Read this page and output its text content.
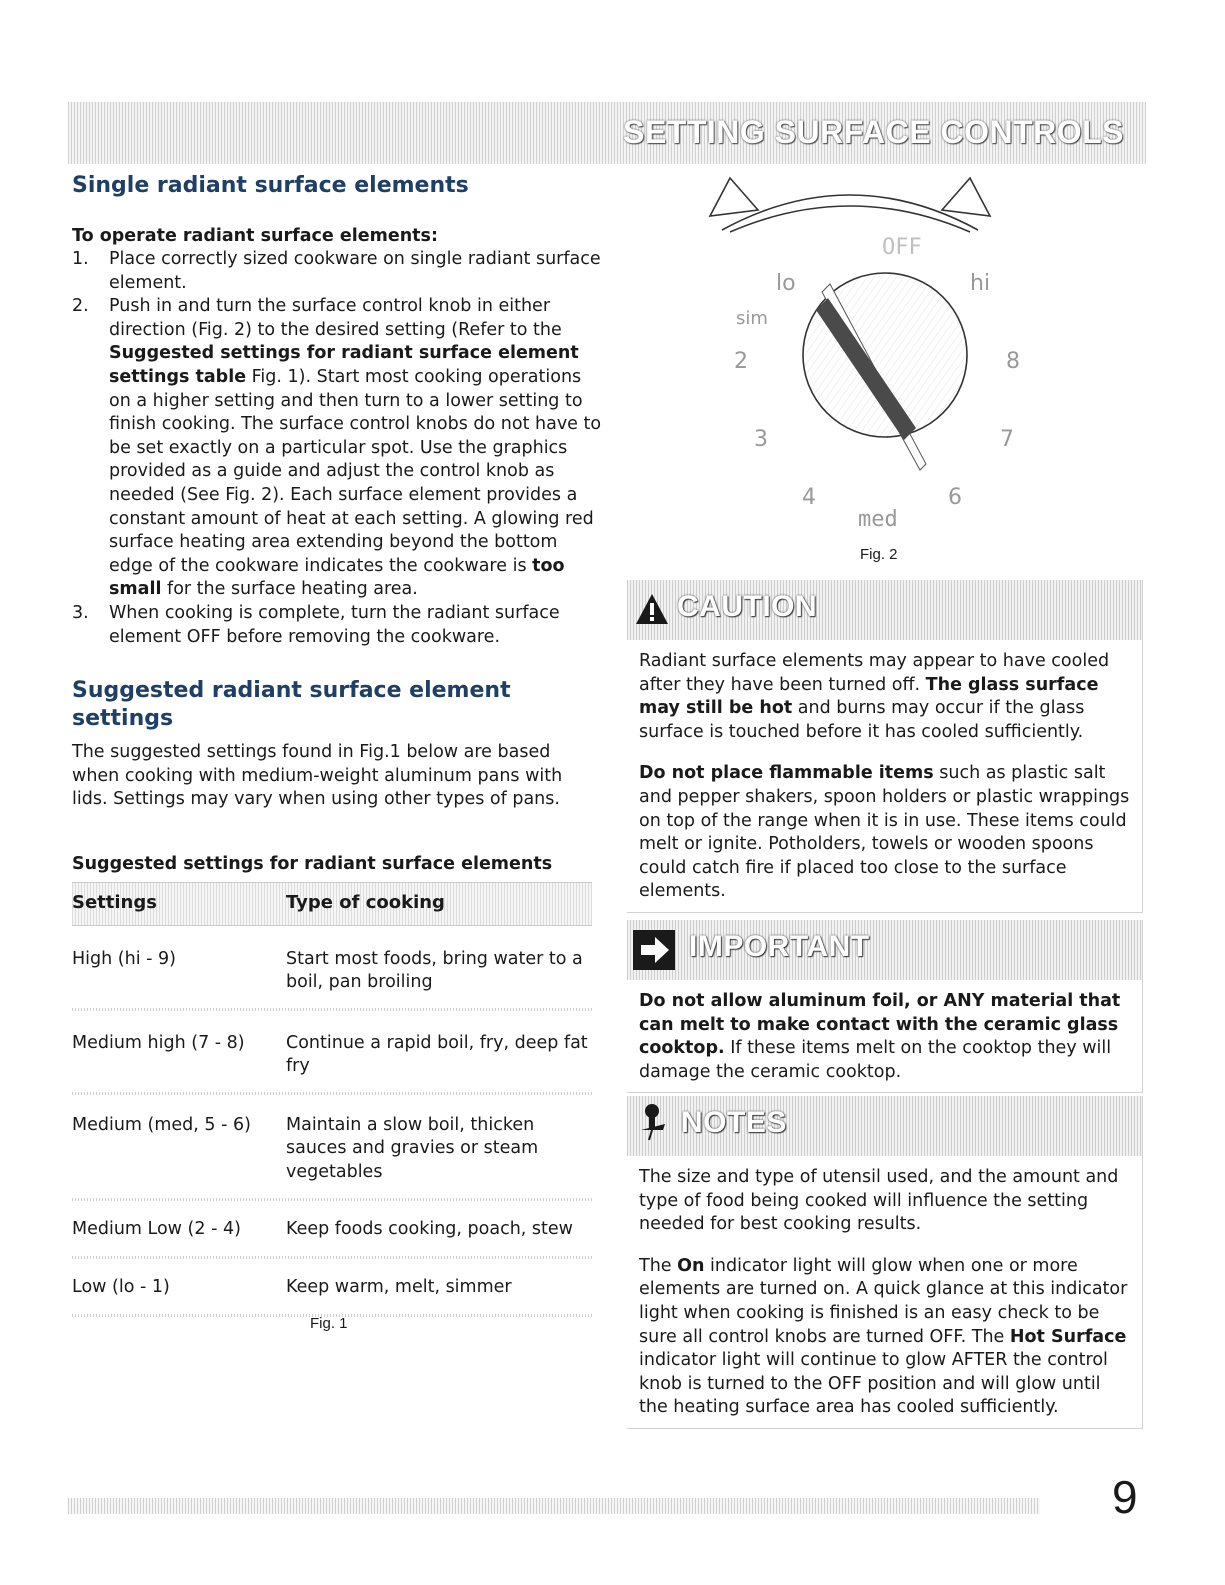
SETTING SURFACE CONTROLS
Single radiant surface elements
To operate radiant surface elements:
1. Place correctly sized cookware on single radiant surface element.
2. Push in and turn the surface control knob in either direction (Fig. 2) to the desired setting (Refer to the Suggested settings for radiant surface element settings table Fig. 1). Start most cooking operations on a higher setting and then turn to a lower setting to finish cooking. The surface control knobs do not have to be set exactly on a particular spot. Use the graphics provided as a guide and adjust the control knob as needed (See Fig. 2). Each surface element provides a constant amount of heat at each setting. A glowing red surface heating area extending beyond the bottom edge of the cookware indicates the cookware is too small for the surface heating area.
3. When cooking is complete, turn the radiant surface element OFF before removing the cookware.
Suggested radiant surface element settings

The suggested settings found in Fig.1 below are based when cooking with medium-weight aluminum pans with lids. Settings may vary when using other types of pans.

Suggested settings for radiant surface elements
Settings	Type of cooking
High (hi - 9)	Start most foods, bring water to a boil, pan broiling
Medium high (7 - 8)	Continue a rapid boil, fry, deep fat fry
Medium (med, 5 - 6)	Maintain a slow boil, thicken sauces and gravies or steam vegetables
Medium Low (2 - 4)	Keep foods cooking, poach, stew
Low (lo - 1)	Keep warm, melt, simmer
Fig. 1
OFF
lo	hi
sim
2	8
3	7
4	6
med
Fig. 2
CAUTION

Radiant surface elements may appear to have cooled after they have been turned off. The glass surface may still be hot and burns may occur if the glass surface is touched before it has cooled sufficiently.

Do not place flammable items such as plastic salt and pepper shakers, spoon holders or plastic wrappings on top of the range when it is in use. These items could melt or ignite. Potholders, towels or wooden spoons could catch fire if placed too close to the surface elements.

IMPORTANT

Do not allow aluminum foil, or ANY material that can melt to make contact with the ceramic glass cooktop. If these items melt on the cooktop they will damage the ceramic cooktop.

NOTES

The size and type of utensil used, and the amount and type of food being cooked will influence the setting needed for best cooking results.

The On indicator light will glow when one or more elements are turned on. A quick glance at this indicator light when cooking is finished is an easy check to be sure all control knobs are turned OFF. The Hot Surface indicator light will continue to glow AFTER the control knob is turned to the OFF position and will glow until the heating surface area has cooled sufficiently.

9
